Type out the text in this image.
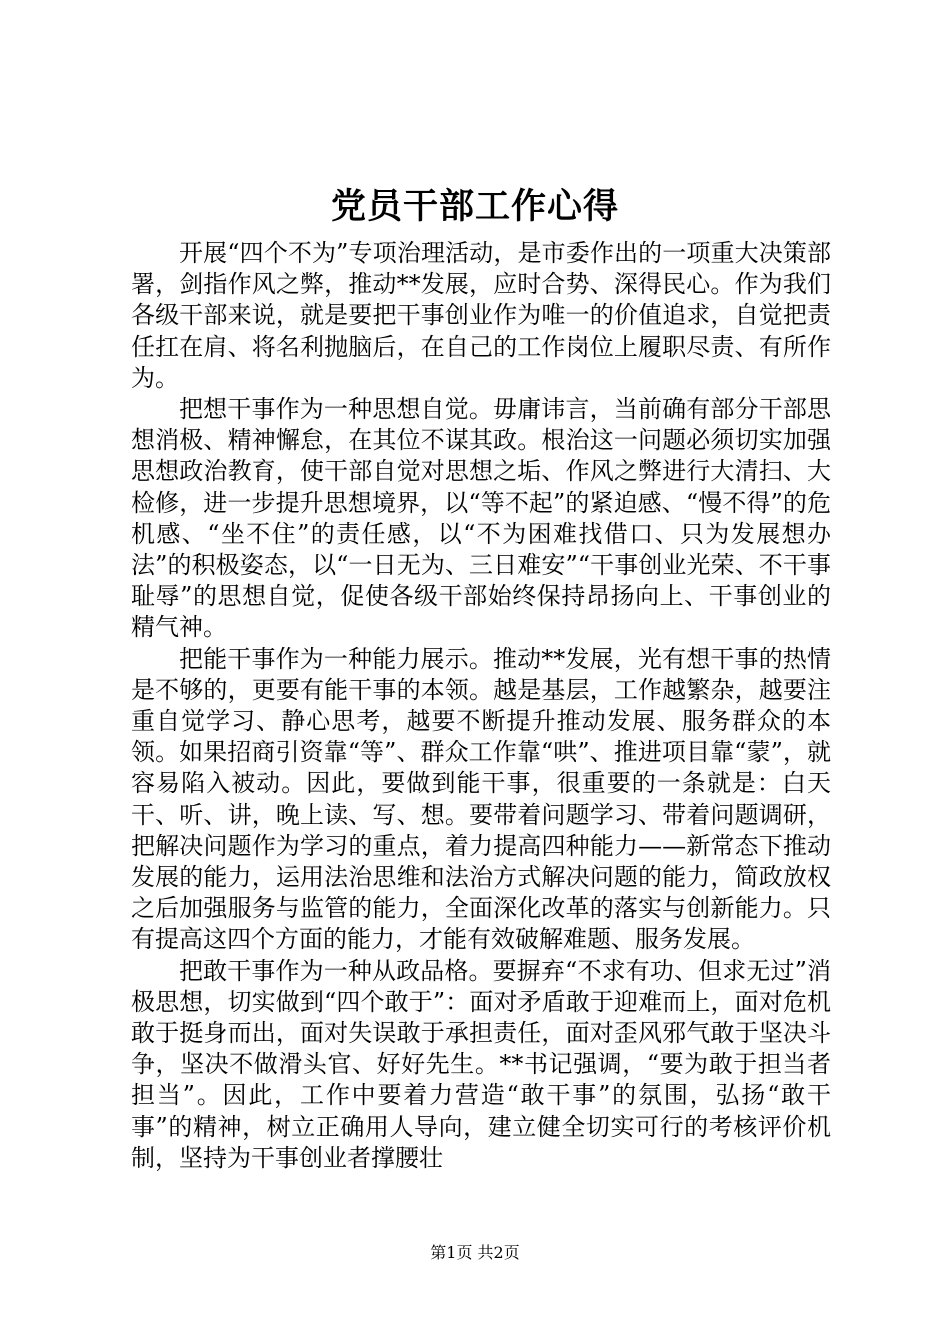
党员干部工作心得

开展“四个不为”专项治理活动，是市委作出的一项重大决策部署，剑指作风之弊，推动**发展，应时合势、深得民心。作为我们各级干部来说，就是要把干事创业作为唯一的价值追求，自觉把责任扛在肩、将名利抛脑后，在自己的工作岗位上履职尽责、有所作为。

把想干事作为一种思想自觉。毋庸讳言，当前确有部分干部思想消极、精神懈怠，在其位不谋其政。根治这一问题必须切实加强思想政治教育，使干部自觉对思想之垢、作风之弊进行大清扫、大检修，进一步提升思想境界，以“等不起”的紧迫感、“慢不得”的危机感、“坐不住”的责任感，以“不为困难找借口、只为发展想办法”的积极姿态，以“一日无为、三日难安”“干事创业光荣、不干事耻辱”的思想自觉，促使各级干部始终保持昂扬向上、干事创业的精气神。

把能干事作为一种能力展示。推动**发展，光有想干事的热情是不够的，更要有能干事的本领。越是基层，工作越繁杂，越要注重自觉学习、静心思考，越要不断提升推动发展、服务群众的本领。如果招商引资靠“等”、群众工作靠“哄”、推进项目靠“蒙”，就容易陷入被动。因此，要做到能干事，很重要的一条就是：白天干、听、讲，晚上读、写、想。要带着问题学习、带着问题调研，把解决问题作为学习的重点，着力提高四种能力——新常态下推动发展的能力，运用法治思维和法治方式解决问题的能力，简政放权之后加强服务与监管的能力，全面深化改革的落实与创新能力。只有提高这四个方面的能力，才能有效破解难题、服务发展。

把敢干事作为一种从政品格。要摒弃“不求有功、但求无过”消极思想，切实做到“四个敢于”：面对矛盾敢于迎难而上，面对危机敢于挺身而出，面对失误敢于承担责任，面对歪风邪气敢于坚决斗争，坚决不做滑头官、好好先生。**书记强调，“要为敢于担当者担当”。因此，工作中要着力营造“敢干事”的氛围，弘扬“敢干事”的精神，树立正确用人导向，建立健全切实可行的考核评价机制，坚持为干事创业者撑腰壮

第1页 共2页
